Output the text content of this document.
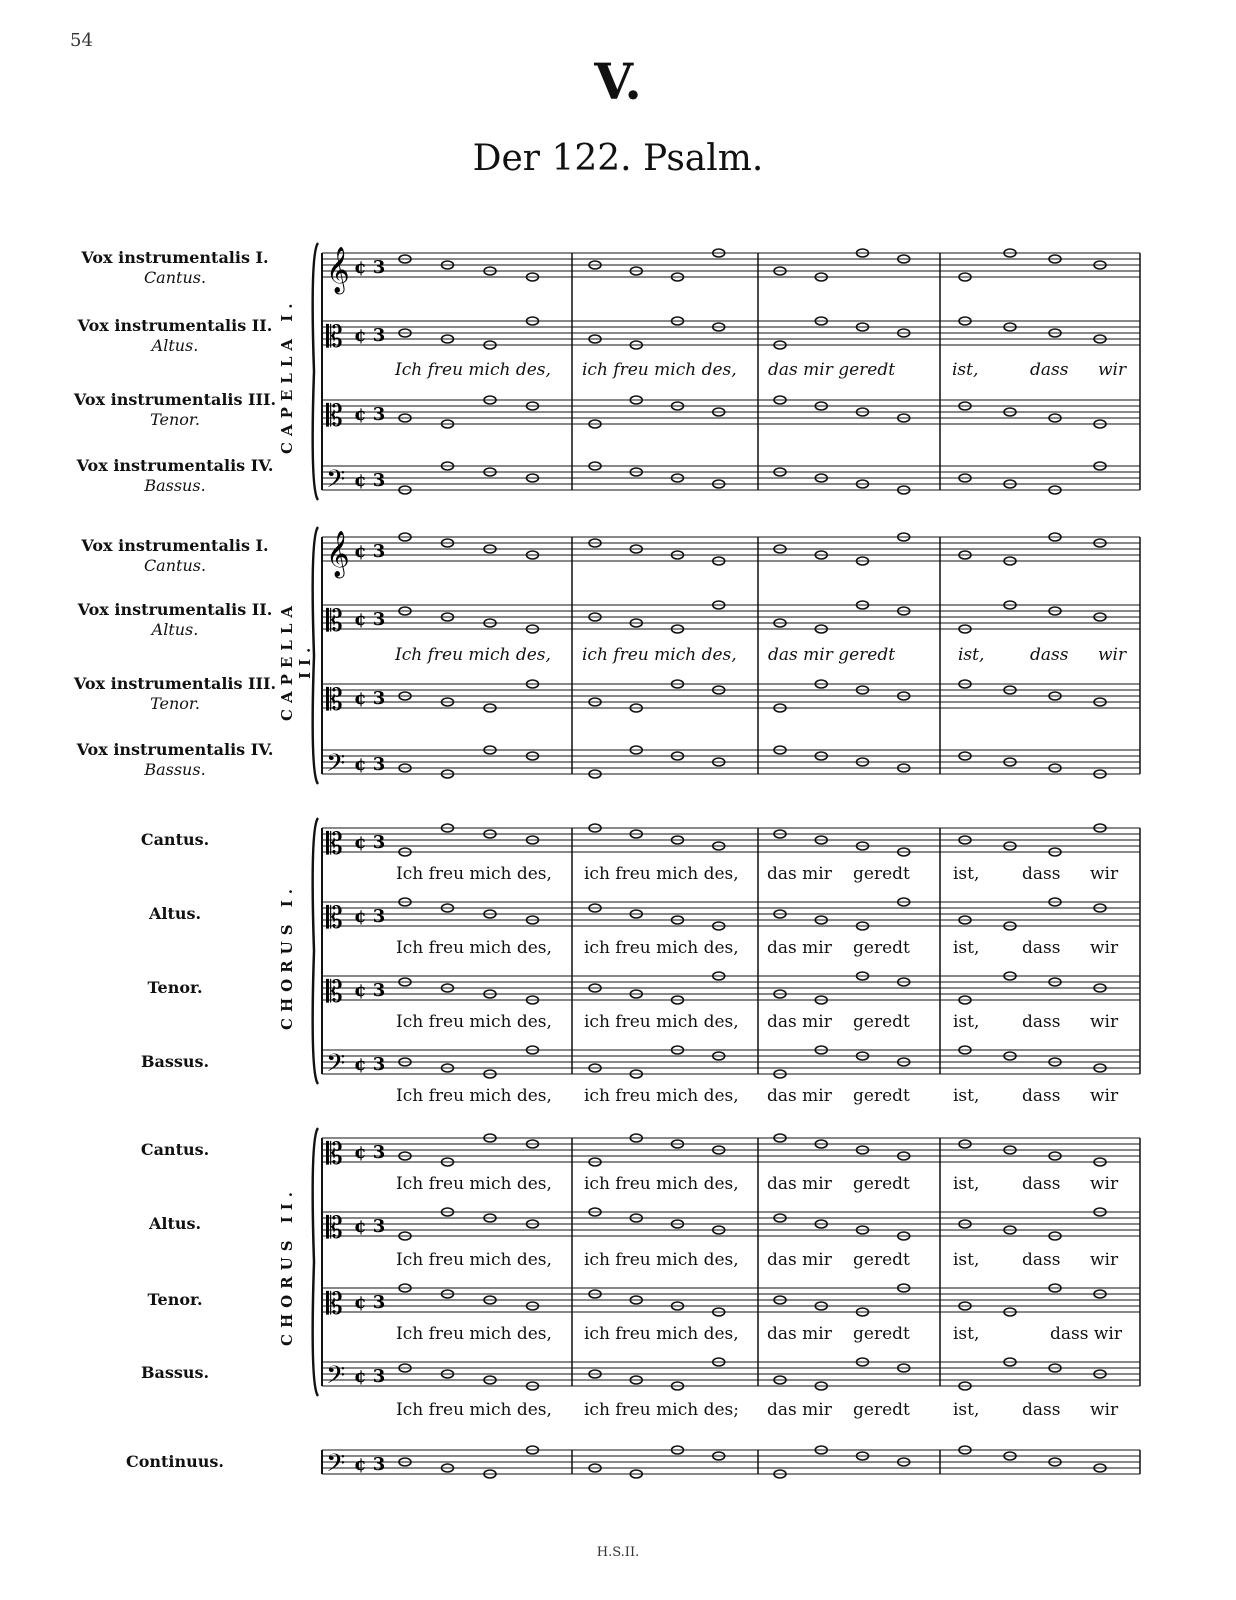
54
V.
Der 122. Psalm.
Vox instrumentalis I.
Cantus.
Vox instrumentalis II.
Altus.
Vox instrumentalis III.
Tenor.
Vox instrumentalis IV.
Bassus.
Vox instrumentalis I.
Cantus.
Vox instrumentalis II.
Altus.
Vox instrumentalis III.
Tenor.
Vox instrumentalis IV.
Bassus.
Cantus.
Altus.
Tenor.
Bassus.
Cantus.
Altus.
Tenor.
Bassus.
Continuus.
CAPELLA I.
CAPELLA II.
CHORUS I.
CHORUS II.
𝄞 ¢ 3
𝄡 ¢ 3
𝄡 ¢ 3
𝄢 ¢ 3
𝄞 ¢ 3
𝄡 ¢ 3
𝄡 ¢ 3
𝄢 ¢ 3
𝄡 ¢ 3
𝄡 ¢ 3
𝄡 ¢ 3
𝄢 ¢ 3
𝄡 ¢ 3
𝄡 ¢ 3
𝄡 ¢ 3
𝄢 ¢ 3
𝄢 ¢ 3
Ich freu mich des, ich freu mich des, das mir geredt	ist,	dass wir
Ich freu mich des, ich freu mich des, das mir geredt	ist,	dass wir
Ich freu mich des, ich freu mich des, das mir geredt	ist,	dass wir
Ich freu mich des, ich freu mich des, das mir geredt	ist,	dass wir
Ich freu mich des, ich freu mich des, das mir geredt	ist,	dass wir
Ich freu mich des, ich freu mich des, das mir geredt	ist,	dass wir
Ich freu mich des, ich freu mich des, das mir geredt	ist,	dass wir
Ich freu mich des, ich freu mich des, das mir geredt	ist,	dass wir
Ich freu mich des, ich freu mich des, das mir geredt	ist,	dass wir
Ich freu mich des, ich freu mich des; das mir geredt	ist,	dass wir
H.S.II.
